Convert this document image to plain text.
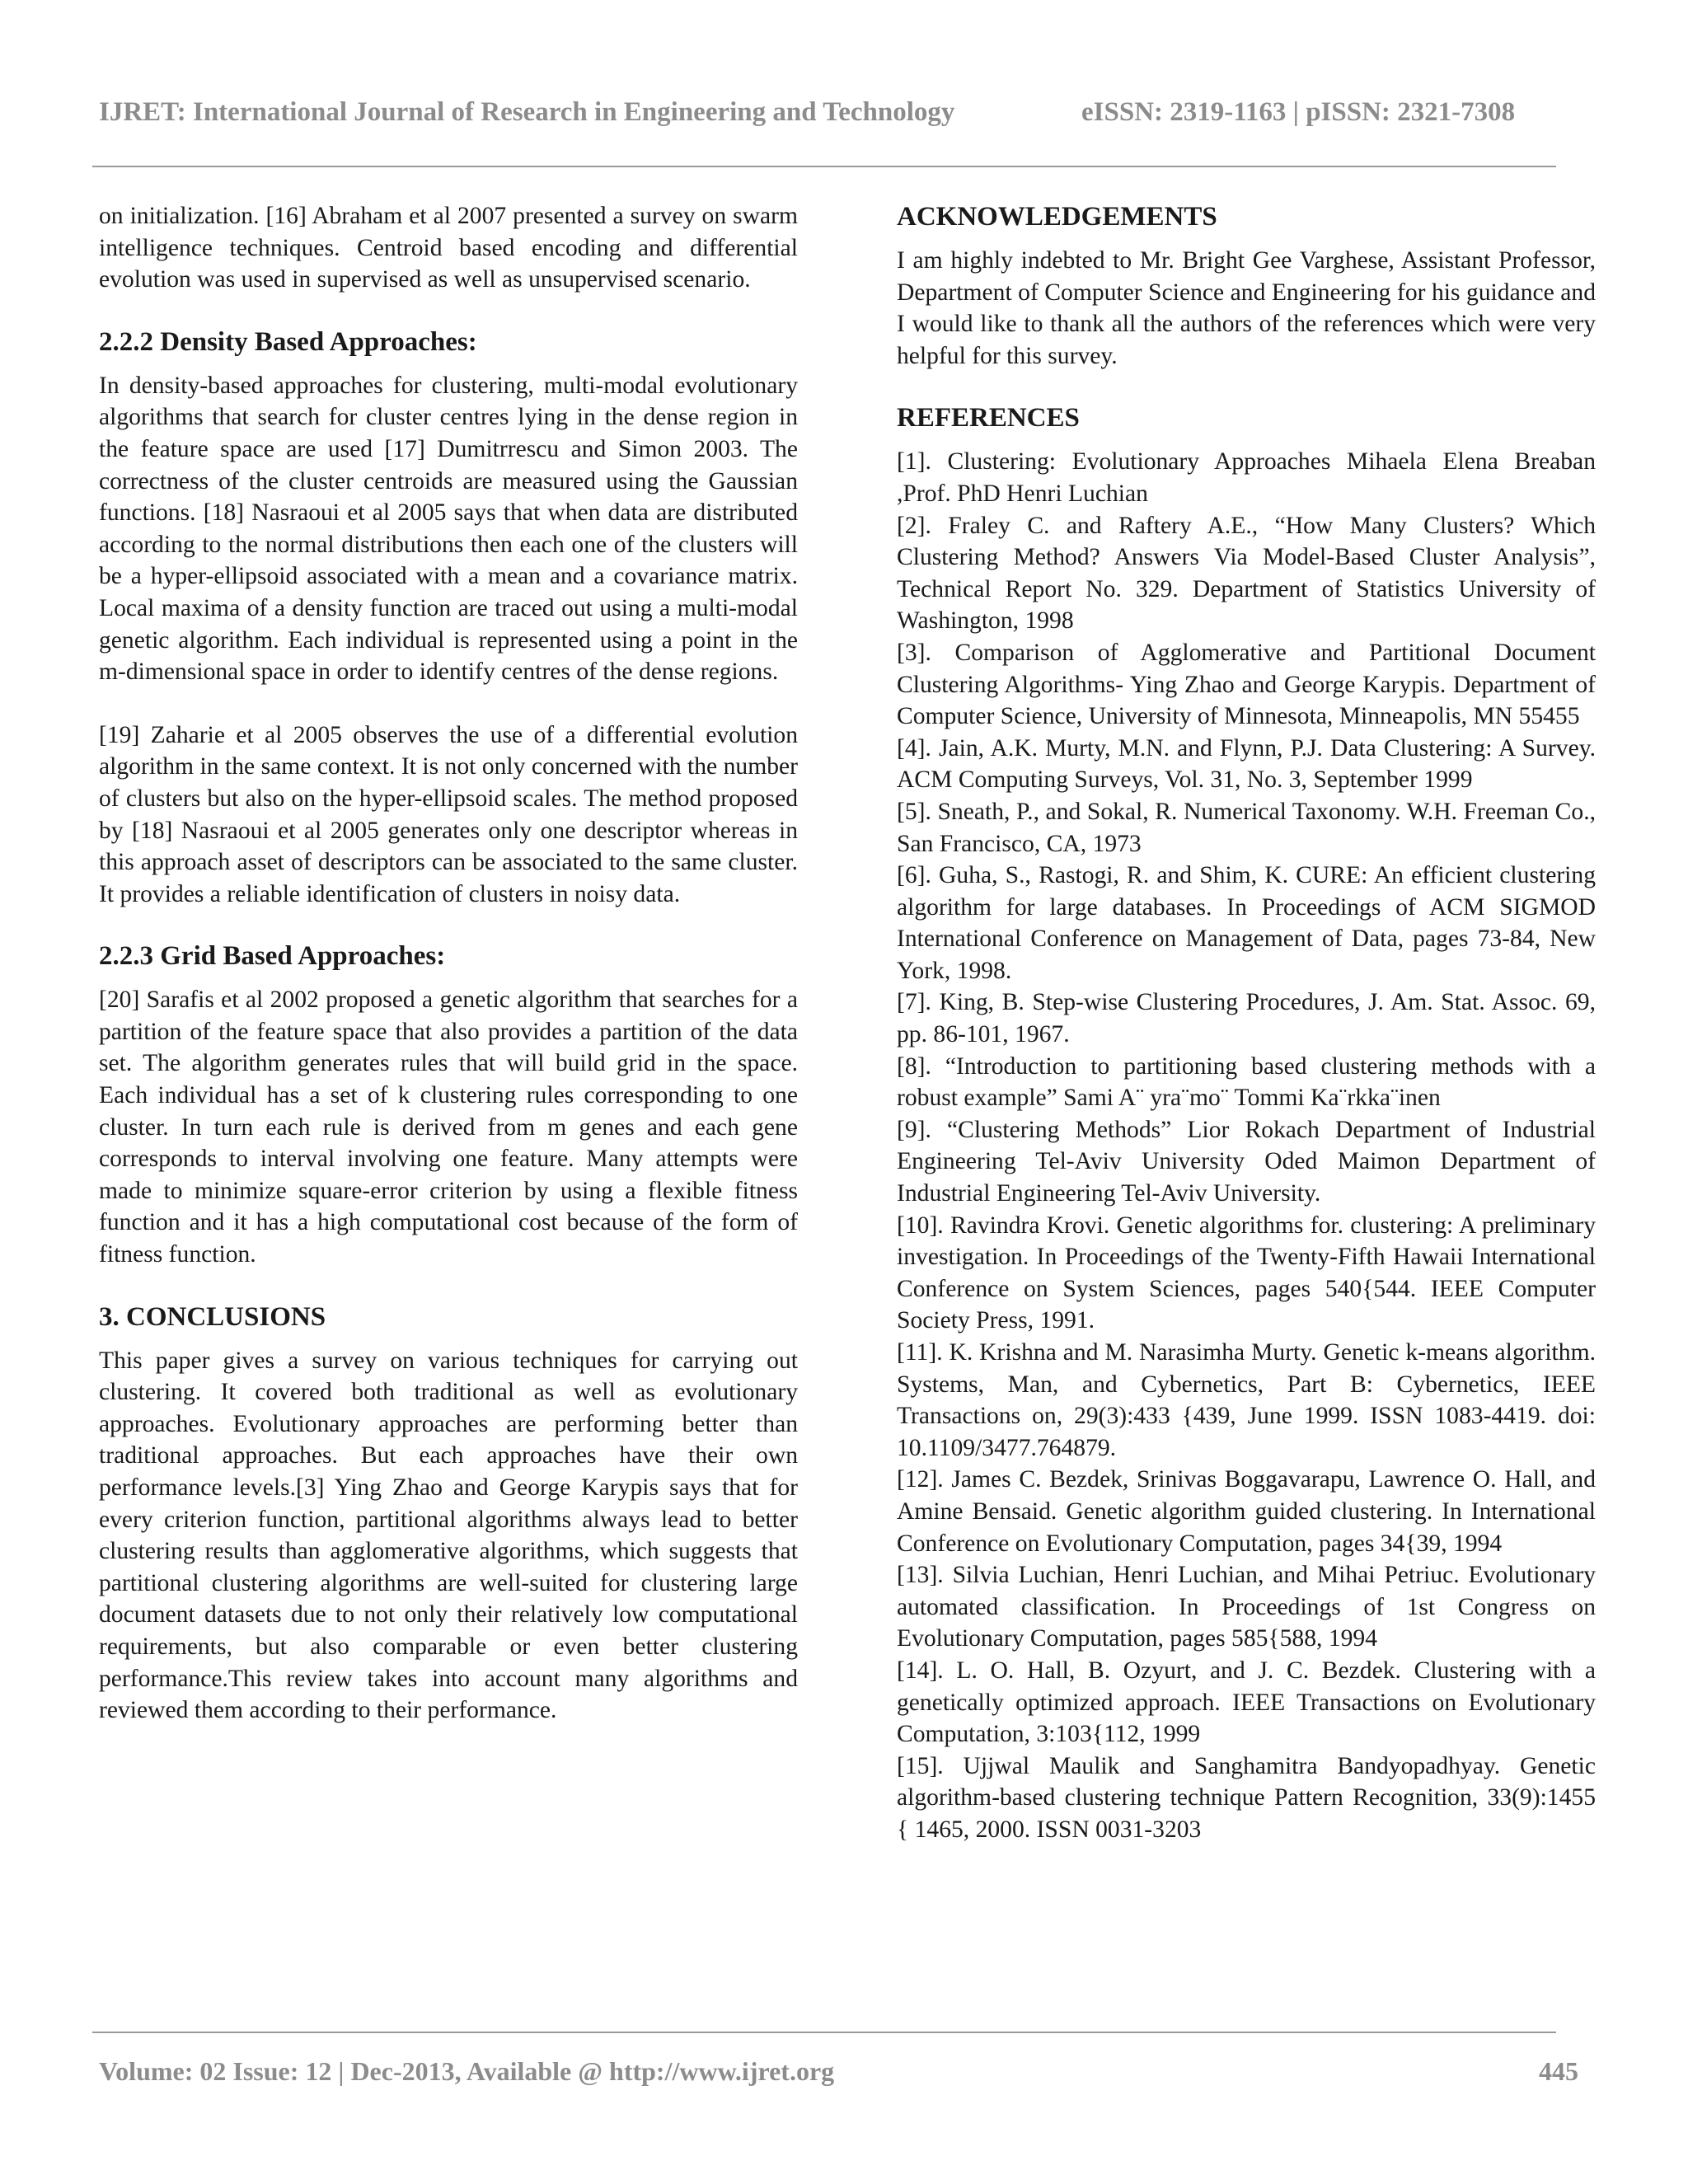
IJRET: International Journal of Research in Engineering and Technology	eISSN: 2319-1163 | pISSN: 2321-7308

on initialization. [16] Abraham et al 2007 presented a survey on swarm intelligence techniques. Centroid based encoding and differential evolution was used in supervised as well as unsupervised scenario.

2.2.2 Density Based Approaches:

In density-based approaches for clustering, multi-modal evolutionary algorithms that search for cluster centres lying in the dense region in the feature space are used [17] Dumitrrescu and Simon 2003. The correctness of the cluster centroids are measured using the Gaussian functions. [18] Nasraoui et al 2005 says that when data are distributed according to the normal distributions then each one of the clusters will be a hyper-ellipsoid associated with a mean and a covariance matrix. Local maxima of a density function are traced out using a multi-modal genetic algorithm. Each individual is represented using a point in the m-dimensional space in order to identify centres of the dense regions.

[19] Zaharie et al 2005 observes the use of a differential evolution algorithm in the same context. It is not only concerned with the number of clusters but also on the hyper-ellipsoid scales. The method proposed by [18] Nasraoui et al 2005 generates only one descriptor whereas in this approach asset of descriptors can be associated to the same cluster. It provides a reliable identification of clusters in noisy data.

2.2.3 Grid Based Approaches:

[20] Sarafis et al 2002 proposed a genetic algorithm that searches for a partition of the feature space that also provides a partition of the data set. The algorithm generates rules that will build grid in the space. Each individual has a set of k clustering rules corresponding to one cluster. In turn each rule is derived from m genes and each gene corresponds to interval involving one feature. Many attempts were made to minimize square-error criterion by using a flexible fitness function and it has a high computational cost because of the form of fitness function.

3. CONCLUSIONS

This paper gives a survey on various techniques for carrying out clustering. It covered both traditional as well as evolutionary approaches. Evolutionary approaches are performing better than traditional approaches. But each approaches have their own performance levels.[3] Ying Zhao and George Karypis says that for every criterion function, partitional algorithms always lead to better clustering results than agglomerative algorithms, which suggests that partitional clustering algorithms are well-suited for clustering large document datasets due to not only their relatively low computational requirements, but also comparable or even better clustering performance.This review takes into account many algorithms and reviewed them according to their performance.

ACKNOWLEDGEMENTS

I am highly indebted to Mr. Bright Gee Varghese, Assistant Professor, Department of Computer Science and Engineering for his guidance and I would like to thank all the authors of the references which were very helpful for this survey.

REFERENCES
[1]. Clustering: Evolutionary Approaches Mihaela Elena Breaban ,Prof. PhD Henri Luchian
[2]. Fraley C. and Raftery A.E., “How Many Clusters? Which Clustering Method? Answers Via Model-Based Cluster Analysis”, Technical Report No. 329. Department of Statistics University of Washington, 1998
[3]. Comparison of Agglomerative and Partitional Document Clustering Algorithms- Ying Zhao and George Karypis. Department of Computer Science, University of Minnesota, Minneapolis, MN 55455
[4]. Jain, A.K. Murty, M.N. and Flynn, P.J. Data Clustering: A Survey. ACM Computing Surveys, Vol. 31, No. 3, September 1999
[5]. Sneath, P., and Sokal, R. Numerical Taxonomy. W.H. Freeman Co., San Francisco, CA, 1973
[6]. Guha, S., Rastogi, R. and Shim, K. CURE: An efficient clustering algorithm for large databases. In Proceedings of ACM SIGMOD International Conference on Management of Data, pages 73-84, New York, 1998.
[7]. King, B. Step-wise Clustering Procedures, J. Am. Stat. Assoc. 69, pp. 86-101, 1967.
[8]. “Introduction to partitioning based clustering methods with a robust example” Sami A¨ yra¨mo¨ Tommi Ka¨rkka¨inen
[9]. “Clustering Methods” Lior Rokach Department of Industrial Engineering Tel-Aviv University Oded Maimon Department of Industrial Engineering Tel-Aviv University.
[10]. Ravindra Krovi. Genetic algorithms for. clustering: A preliminary investigation. In Proceedings of the Twenty-Fifth Hawaii International Conference on System Sciences, pages 540{544. IEEE Computer Society Press, 1991.
[11]. K. Krishna and M. Narasimha Murty. Genetic k-means algorithm. Systems, Man, and Cybernetics, Part B: Cybernetics, IEEE Transactions on, 29(3):433 {439, June 1999. ISSN 1083-4419. doi: 10.1109/3477.764879.
[12]. James C. Bezdek, Srinivas Boggavarapu, Lawrence O. Hall, and Amine Bensaid. Genetic algorithm guided clustering. In International Conference on Evolutionary Computation, pages 34{39, 1994
[13]. Silvia Luchian, Henri Luchian, and Mihai Petriuc. Evolutionary automated classification. In Proceedings of 1st Congress on Evolutionary Computation, pages 585{588, 1994
[14]. L. O. Hall, B. Ozyurt, and J. C. Bezdek. Clustering with a genetically optimized approach. IEEE Transactions on Evolutionary Computation, 3:103{112, 1999
[15]. Ujjwal Maulik and Sanghamitra Bandyopadhyay. Genetic algorithm-based clustering technique Pattern Recognition, 33(9):1455 { 1465, 2000. ISSN 0031-3203
Volume: 02 Issue: 12 | Dec-2013, Available @ http://www.ijret.org	445
